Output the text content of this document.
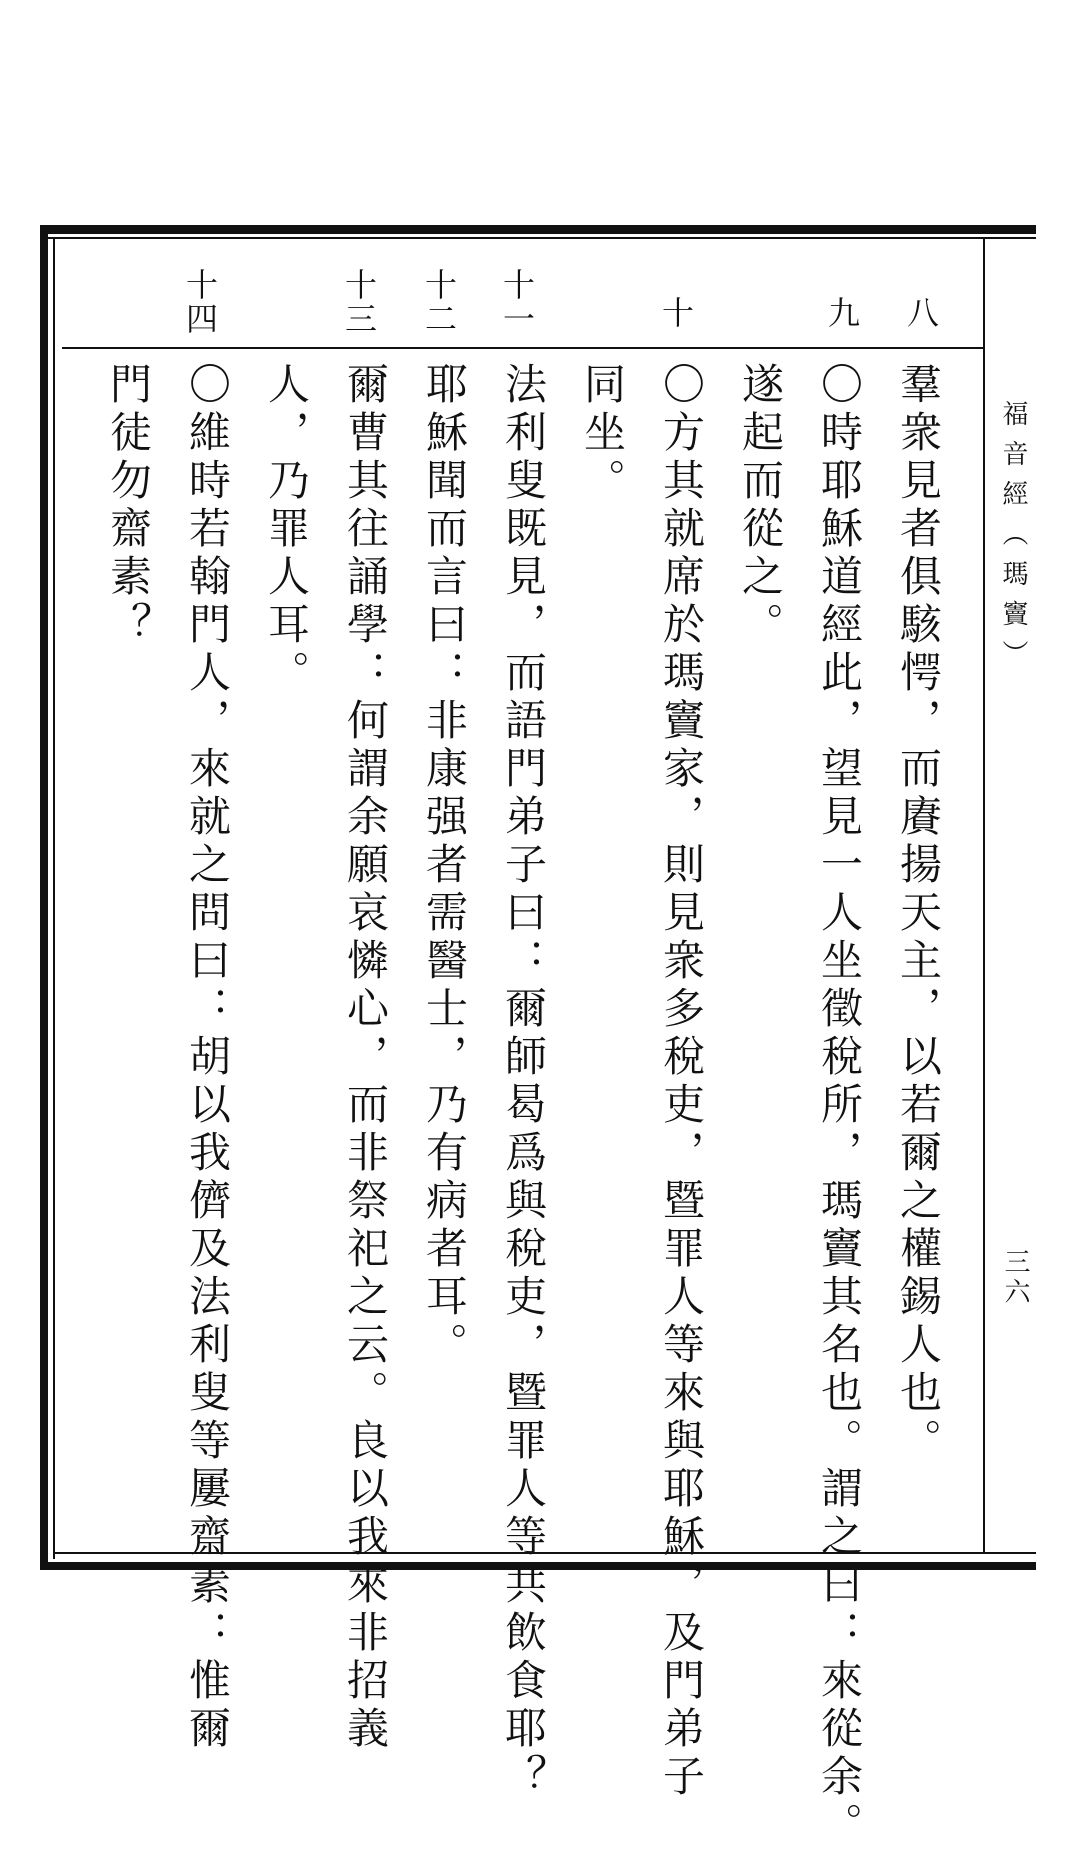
福音經（瑪竇）
三六
八
九
十
十一
十二
十三
十四
羣衆見者俱駭愕，而賡揚天主，以若爾之權錫人也。
〇時耶穌道經此，望見一人坐徵稅所，瑪竇其名也。謂之曰：來從余。
遂起而從之。
〇方其就席於瑪竇家，則見衆多稅吏，暨罪人等來與耶穌，及門弟子
同坐。
法利叟既見，而語門弟子曰：爾師曷爲與稅吏，暨罪人等共飲食耶？
耶穌聞而言曰：非康强者需醫士，乃有病者耳。
爾曹其往誦學：何謂余願哀憐心，而非祭祀之云。良以我來非招義
人，乃罪人耳。
〇維時若翰門人，來就之問曰：胡以我儕及法利叟等屢齋素：惟爾
門徒勿齋素？
